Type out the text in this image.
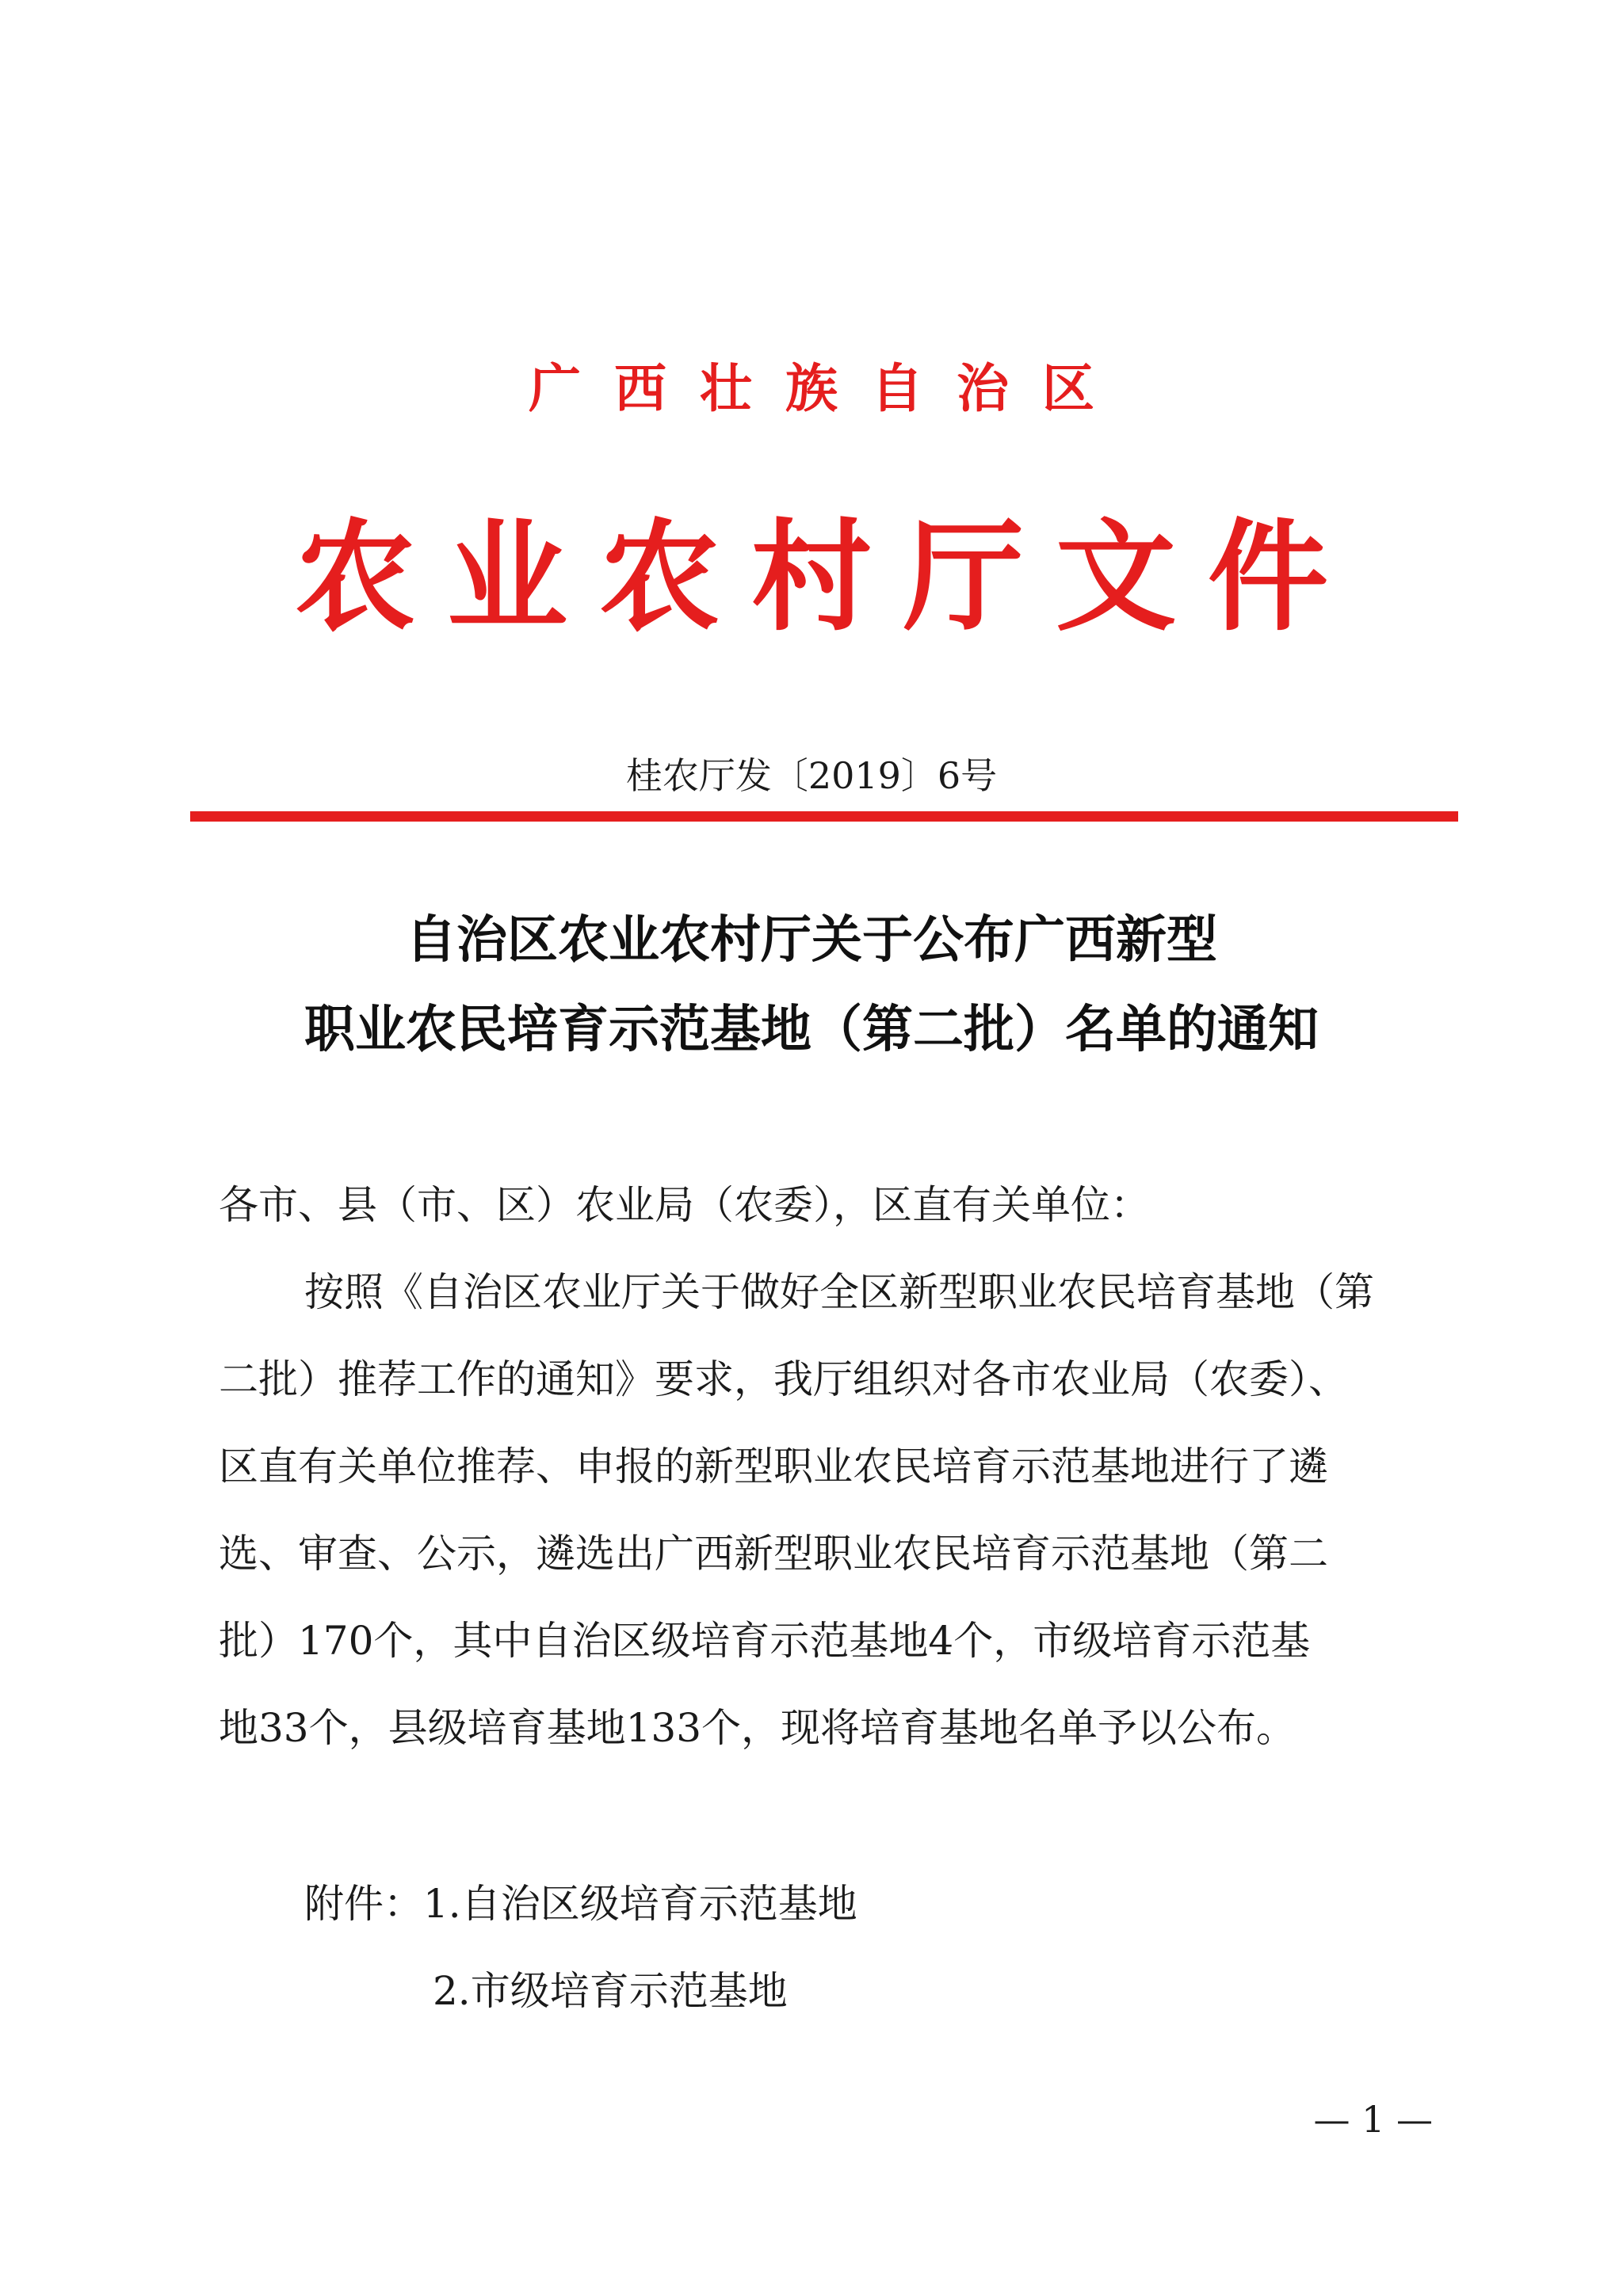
广西壮族自治区
农业农村厅文件
桂农厅发〔2019〕6号
自治区农业农村厅关于公布广西新型
职业农民培育示范基地（第二批）名单的通知
各市、县（市、区）农业局（农委），区直有关单位：
按照《自治区农业厅关于做好全区新型职业农民培育基地（第
二批）推荐工作的通知》要求，我厅组织对各市农业局（农委）、
区直有关单位推荐、申报的新型职业农民培育示范基地进行了遴
选、审查、公示，遴选出广西新型职业农民培育示范基地（第二
批）170个，其中自治区级培育示范基地4个，市级培育示范基
地33个，县级培育基地133个，现将培育基地名单予以公布。
附件：1.自治区级培育示范基地
2.市级培育示范基地
— 1 —
